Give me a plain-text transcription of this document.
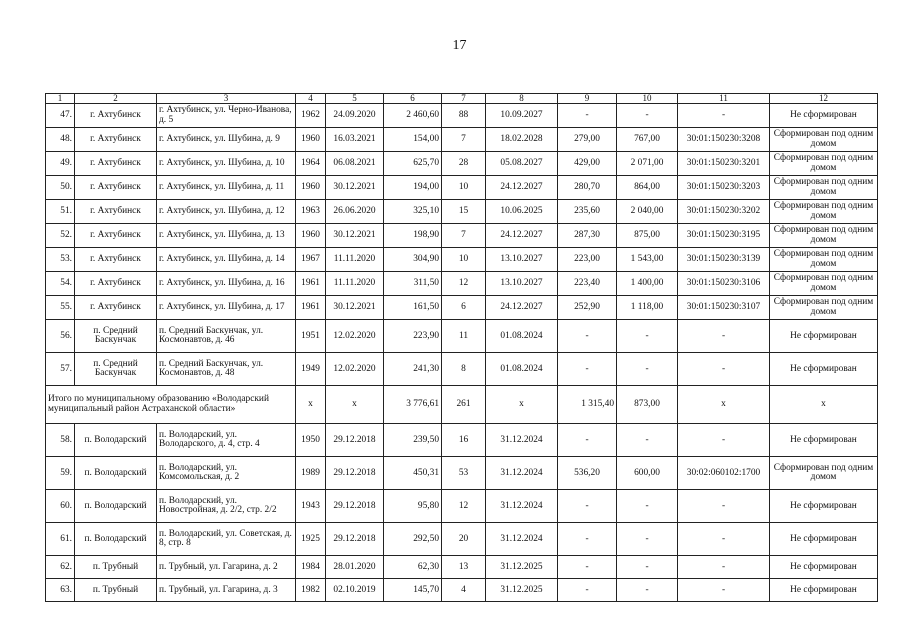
17
1	2	3	4	5	6	7	8	9	10	11	12
47.	г. Ахтубинск	г. Ахтубинск, ул. Черно-Иванова, д. 5	1962	24.09.2020	2 460,60	88	10.09.2027	-	-	-	Не сформирован
48.	г. Ахтубинск	г. Ахтубинск, ул. Шубина, д. 9	1960	16.03.2021	154,00	7	18.02.2028	279,00	767,00	30:01:150230:3208	Сформирован под одним домом
49.	г. Ахтубинск	г. Ахтубинск, ул. Шубина, д. 10	1964	06.08.2021	625,70	28	05.08.2027	429,00	2 071,00	30:01:150230:3201	Сформирован под одним домом
50.	г. Ахтубинск	г. Ахтубинск, ул. Шубина, д. 11	1960	30.12.2021	194,00	10	24.12.2027	280,70	864,00	30:01:150230:3203	Сформирован под одним домом
51.	г. Ахтубинск	г. Ахтубинск, ул. Шубина, д. 12	1963	26.06.2020	325,10	15	10.06.2025	235,60	2 040,00	30:01:150230:3202	Сформирован под одним домом
52.	г. Ахтубинск	г. Ахтубинск, ул. Шубина, д. 13	1960	30.12.2021	198,90	7	24.12.2027	287,30	875,00	30:01:150230:3195	Сформирован под одним домом
53.	г. Ахтубинск	г. Ахтубинск, ул. Шубина, д. 14	1967	11.11.2020	304,90	10	13.10.2027	223,00	1 543,00	30:01:150230:3139	Сформирован под одним домом
54.	г. Ахтубинск	г. Ахтубинск, ул. Шубина, д. 16	1961	11.11.2020	311,50	12	13.10.2027	223,40	1 400,00	30:01:150230:3106	Сформирован под одним домом
55.	г. Ахтубинск	г. Ахтубинск, ул. Шубина, д. 17	1961	30.12.2021	161,50	6	24.12.2027	252,90	1 118,00	30:01:150230:3107	Сформирован под одним домом
56.	п. Средний Баскунчак	п. Средний Баскунчак, ул. Космонавтов, д. 46	1951	12.02.2020	223,90	11	01.08.2024	-	-	-	Не сформирован
57.	п. Средний Баскунчак	п. Средний Баскунчак, ул. Космонавтов, д. 48	1949	12.02.2020	241,30	8	01.08.2024	-	-	-	Не сформирован
Итого по муниципальному образованию «Володарский муниципальный район Астраханской области»			x	x	3 776,61	261	x	1 315,40	873,00	x	x
58.	п. Володарский	п. Володарский, ул. Володарского, д. 4, стр. 4	1950	29.12.2018	239,50	16	31.12.2024	-	-	-	Не сформирован
59.	п. Володарский	п. Володарский, ул. Комсомольская, д. 2	1989	29.12.2018	450,31	53	31.12.2024	536,20	600,00	30:02:060102:1700	Сформирован под одним домом
60.	п. Володарский	п. Володарский, ул. Новостройная, д. 2/2, стр. 2/2	1943	29.12.2018	95,80	12	31.12.2024	-	-	-	Не сформирован
61.	п. Володарский	п. Володарский, ул. Советская, д. 8, стр. 8	1925	29.12.2018	292,50	20	31.12.2024	-	-	-	Не сформирован
62.	п. Трубный	п. Трубный, ул. Гагарина, д. 2	1984	28.01.2020	62,30	13	31.12.2025	-	-	-	Не сформирован
63.	п. Трубный	п. Трубный, ул. Гагарина, д. 3	1982	02.10.2019	145,70	4	31.12.2025	-	-	-	Не сформирован
